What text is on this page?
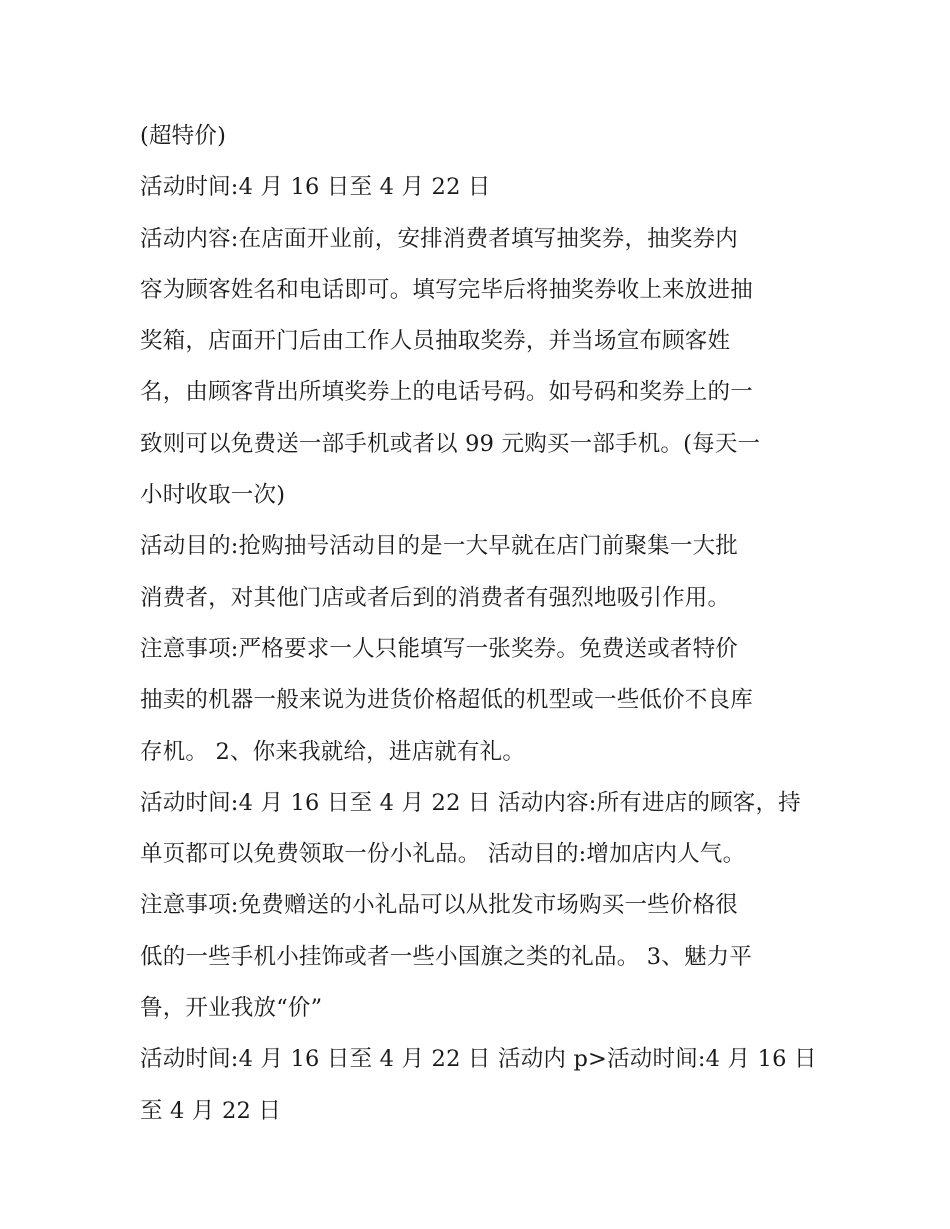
(超特价)
活动时间:4 月 16 日至 4 月 22 日
活动内容:在店面开业前，安排消费者填写抽奖券，抽奖券内
容为顾客姓名和电话即可。填写完毕后将抽奖券收上来放进抽
奖箱，店面开门后由工作人员抽取奖券，并当场宣布顾客姓
名，由顾客背出所填奖券上的电话号码。如号码和奖券上的一
致则可以免费送一部手机或者以 99 元购买一部手机。(每天一
小时收取一次)
活动目的:抢购抽号活动目的是一大早就在店门前聚集一大批
消费者，对其他门店或者后到的消费者有强烈地吸引作用。
注意事项:严格要求一人只能填写一张奖券。免费送或者特价
抽卖的机器一般来说为进货价格超低的机型或一些低价不良库
存机。 2、你来我就给，进店就有礼。
活动时间:4 月 16 日至 4 月 22 日 活动内容:所有进店的顾客，持
单页都可以免费领取一份小礼品。 活动目的:增加店内人气。
注意事项:免费赠送的小礼品可以从批发市场购买一些价格很
低的一些手机小挂饰或者一些小国旗之类的礼品。 3、魅力平
鲁，开业我放“价”
活动时间:4 月 16 日至 4 月 22 日 活动内 p>活动时间:4 月 16 日
至 4 月 22 日
